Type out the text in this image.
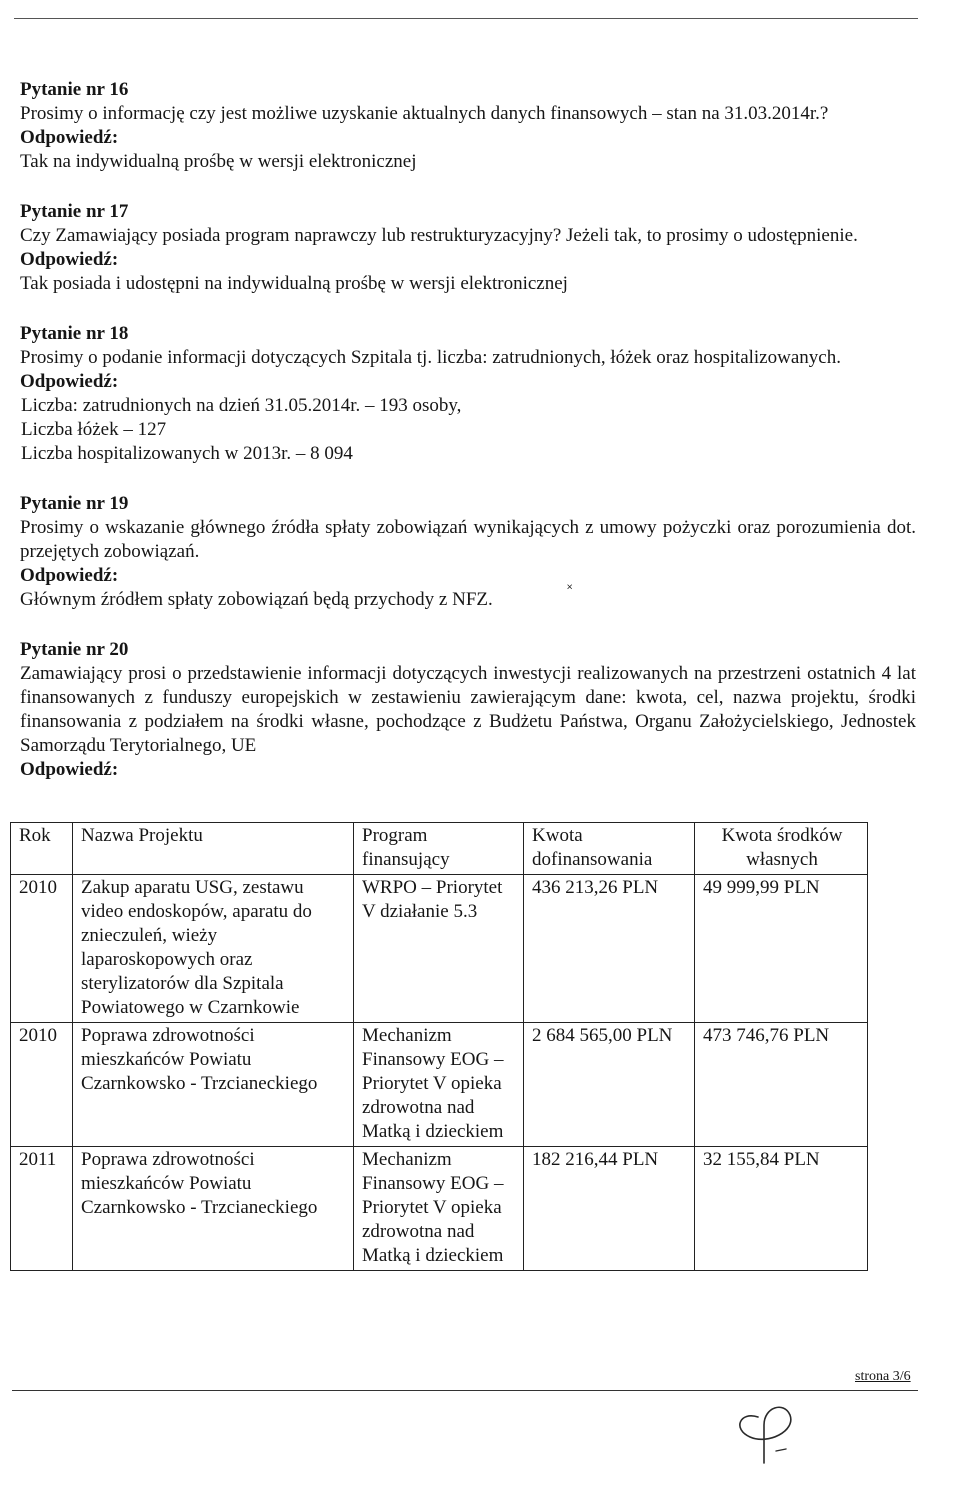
Pytanie nr 16
Prosimy o informację czy jest możliwe uzyskanie aktualnych danych finansowych – stan na 31.03.2014r.?
Odpowiedź:
Tak na indywidualną prośbę w wersji elektronicznej
Pytanie nr 17
Czy Zamawiający posiada program naprawczy lub restrukturyzacyjny? Jeżeli tak, to prosimy o udostępnienie.
Odpowiedź:
Tak posiada i udostępni na indywidualną prośbę w wersji elektronicznej
Pytanie nr 18
Prosimy o podanie informacji dotyczących Szpitala tj. liczba: zatrudnionych, łóżek oraz hospitalizowanych.
Odpowiedź:
Liczba: zatrudnionych na dzień 31.05.2014r. – 193 osoby,
Liczba łóżek – 127
Liczba hospitalizowanych w 2013r. – 8 094
Pytanie nr 19
Prosimy o wskazanie głównego źródła spłaty zobowiązań wynikających z umowy pożyczki oraz porozumienia dot. przejętych zobowiązań.
Odpowiedź:
Głównym źródłem spłaty zobowiązań będą przychody z NFZ.
Pytanie nr 20
Zamawiający prosi o przedstawienie informacji dotyczących inwestycji realizowanych na przestrzeni ostatnich 4 lat finansowanych z funduszy europejskich w zestawieniu zawierającym dane: kwota, cel, nazwa projektu, środki finansowania z podziałem na środki własne, pochodzące z Budżetu Państwa, Organu Założycielskiego, Jednostek Samorządu Terytorialnego, UE
Odpowiedź:
˟
Rok	Nazwa Projektu	Program finansujący	Kwota dofinansowania	Kwota środków własnych
2010	Zakup aparatu USG, zestawu video endoskopów, aparatu do znieczuleń, wieży laparoskopowych oraz sterylizatorów dla Szpitala Powiatowego w Czarnkowie	WRPO – Priorytet V działanie 5.3	436 213,26 PLN	49 999,99 PLN
2010	Poprawa zdrowotności mieszkańców Powiatu Czarnkowsko - Trzcianeckiego	Mechanizm Finansowy EOG – Priorytet V opieka zdrowotna nad Matką i dzieckiem	2 684 565,00 PLN	473 746,76 PLN
2011	Poprawa zdrowotności mieszkańców Powiatu Czarnkowsko - Trzcianeckiego	Mechanizm Finansowy EOG – Priorytet V opieka zdrowotna nad Matką i dzieckiem	182 216,44 PLN	32 155,84 PLN
strona 3/6
